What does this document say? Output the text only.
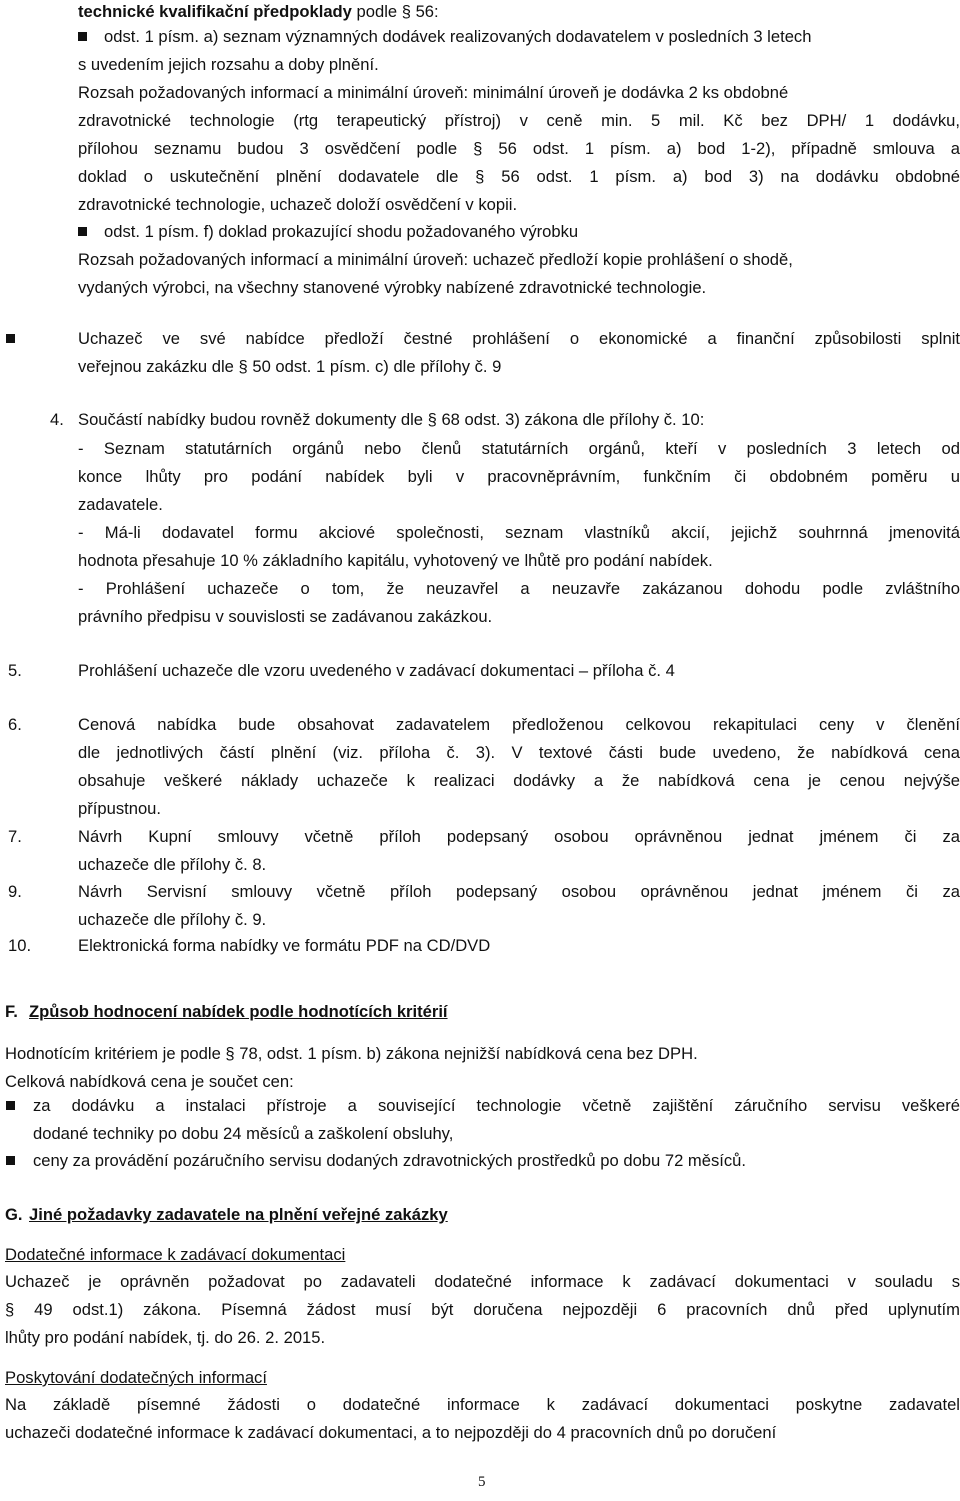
technické kvalifikační předpoklady podle § 56:
odst. 1 písm. a) seznam významných dodávek realizovaných dodavatelem v posledních 3 letech
s uvedením jejich rozsahu a doby plnění.
Rozsah požadovaných informací a minimální úroveň: minimální úroveň je dodávka 2 ks obdobné
zdravotnické technologie (rtg terapeutický přístroj) v ceně min. 5 mil. Kč bez DPH/ 1 dodávku,
přílohou seznamu budou 3 osvědčení podle § 56 odst. 1 písm. a) bod 1-2), případně smlouva a
doklad o uskutečnění plnění dodavatele dle § 56 odst. 1 písm. a) bod 3) na dodávku obdobné
zdravotnické technologie, uchazeč doloží osvědčení v kopii.
odst. 1 písm. f) doklad prokazující shodu požadovaného výrobku
Rozsah požadovaných informací a minimální úroveň: uchazeč předloží kopie prohlášení o shodě,
vydaných výrobci, na všechny stanovené výrobky nabízené zdravotnické technologie.
Uchazeč ve své nabídce předloží čestné prohlášení o ekonomické a finanční způsobilosti splnit
veřejnou zakázku dle § 50 odst. 1 písm. c) dle přílohy č. 9
4. Součástí nabídky budou rovněž dokumenty dle § 68 odst. 3) zákona dle přílohy č. 10:
- Seznam statutárních orgánů nebo členů statutárních orgánů, kteří v posledních 3 letech od
konce lhůty pro podání nabídek byli v pracovněprávním, funkčním či obdobném poměru u
zadavatele.
- Má-li dodavatel formu akciové společnosti, seznam vlastníků akcií, jejichž souhrnná jmenovitá
hodnota přesahuje 10 % základního kapitálu, vyhotovený ve lhůtě pro podání nabídek.
- Prohlášení uchazeče o tom, že neuzavřel a neuzavře zakázanou dohodu podle zvláštního
právního předpisu v souvislosti se zadávanou zakázkou.
5.	Prohlášení uchazeče dle vzoru uvedeného v zadávací dokumentaci – příloha č. 4
6.	Cenová nabídka bude obsahovat zadavatelem předloženou celkovou rekapitulaci ceny v členění
dle jednotlivých částí plnění (viz. příloha č. 3). V textové části bude uvedeno, že nabídková cena
obsahuje veškeré náklady uchazeče k realizaci dodávky a že nabídková cena je cenou nejvýše
přípustnou.
7.	Návrh Kupní smlouvy včetně příloh podepsaný osobou oprávněnou jednat jménem či za
uchazeče dle přílohy č. 8.
9.	Návrh Servisní smlouvy včetně příloh podepsaný osobou oprávněnou jednat jménem či za
uchazeče dle přílohy č. 9.
10.	Elektronická forma nabídky ve formátu PDF na CD/DVD
F. Způsob hodnocení nabídek podle hodnotících kritérií
Hodnotícím kritériem je podle § 78, odst. 1 písm. b) zákona nejnižší nabídková cena bez DPH.
Celková nabídková cena je součet cen:
za dodávku a instalaci přístroje a související technologie včetně zajištění záručního servisu veškeré
dodané techniky po dobu 24 měsíců a zaškolení obsluhy,
ceny za provádění pozáručního servisu dodaných zdravotnických prostředků po dobu 72 měsíců.
G. Jiné požadavky zadavatele na plnění veřejné zakázky
Dodatečné informace k zadávací dokumentaci
Uchazeč je oprávněn požadovat po zadavateli dodatečné informace k zadávací dokumentaci v souladu s
§ 49 odst.1) zákona. Písemná žádost musí být doručena nejpozději 6 pracovních dnů před uplynutím
lhůty pro podání nabídek, tj. do 26. 2. 2015.
Poskytování dodatečných informací
Na základě písemné žádosti o dodatečné informace k zadávací dokumentaci poskytne zadavatel
uchazeči dodatečné informace k zadávací dokumentaci, a to nejpozději do 4 pracovních dnů po doručení
5
